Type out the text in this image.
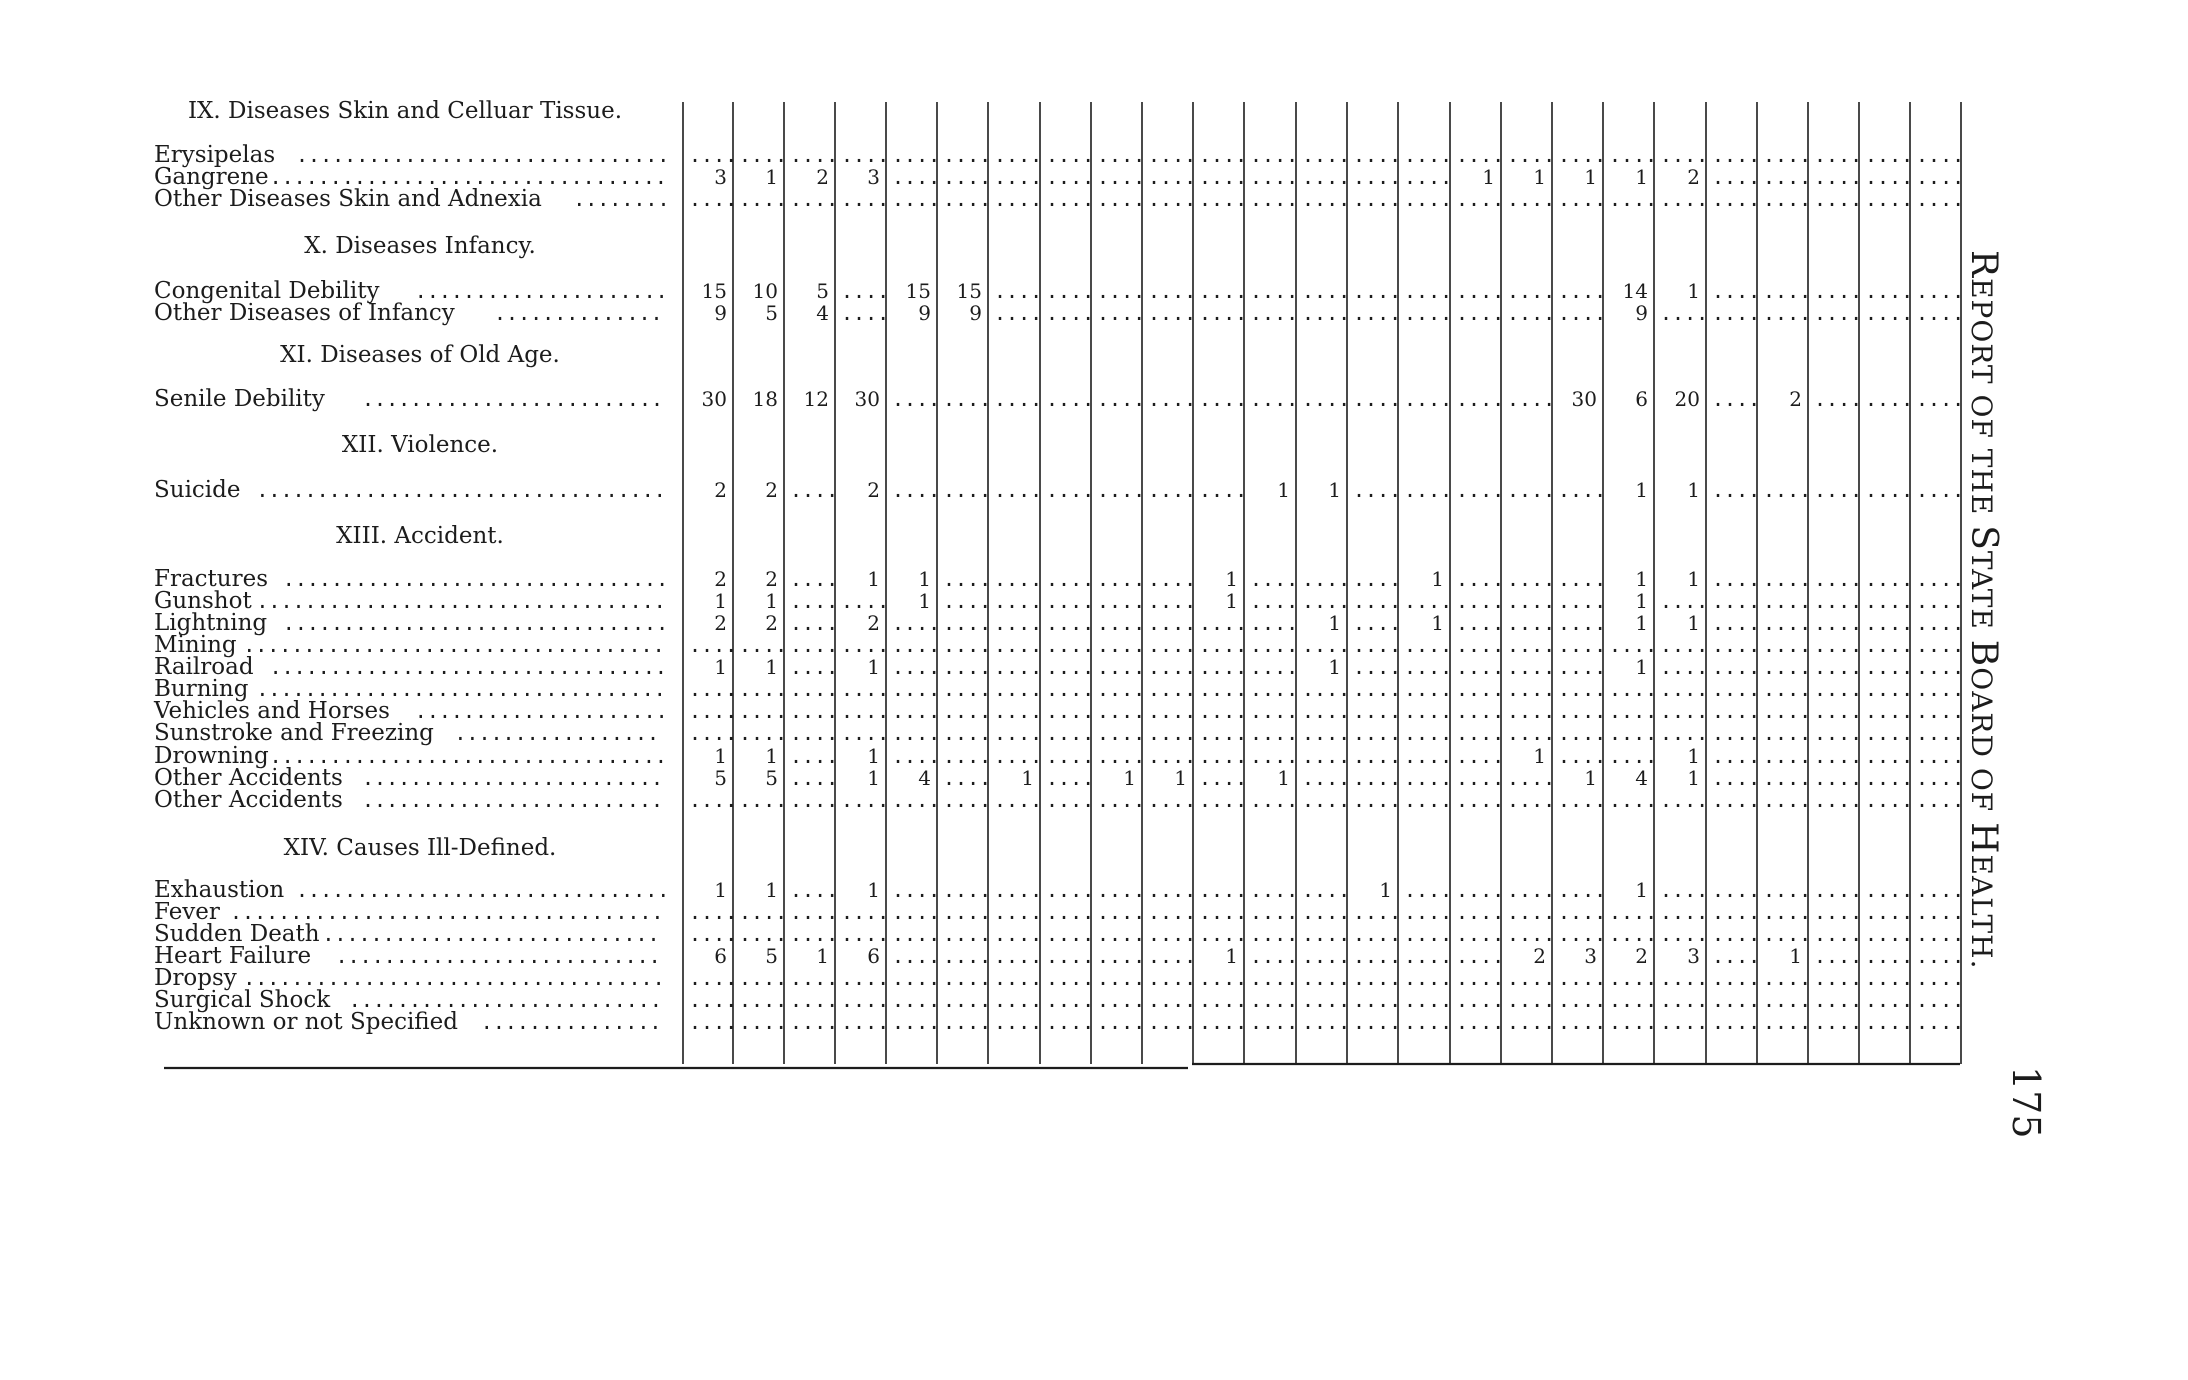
IX. Diseases Skin and Celluar Tissue.
Erysipelas ............................... .... .... .... .... .... .... .... .... .... .... .... .... .... .... .... .... .... .... .... .... .... .... .... .... ....
Gangrene ................................. 3 1 2 3 .... .... .... .... .... .... .... .... .... .... .... 1 1 1 1 2 .... .... .... .... ....
Other Diseases Skin and Adnexia ........ .... .... .... .... .... .... .... .... .... .... .... .... .... .... .... .... .... .... .... .... .... .... .... .... ....
X. Diseases Infancy.
Congenital Debility ..................... 15 10 5 .... 15 15 .... .... .... .... .... .... .... .... .... .... .... .... 14 1 .... .... .... .... ....
Other Diseases of Infancy ..............	9 5 4 .... 9 9 .... .... .... .... .... .... .... .... .... .... .... .... 9 .... .... .... .... .... ....
XI. Diseases of Old Age.
Senile Debility ......................... 30 18 12 30 .... .... .... .... .... .... .... .... .... .... .... .... .... 30 6 20 .... 2 .... .... ....
XII. Violence.
Suicide .................................. 2 2 .... 2 .... .... .... .... .... .... .... 1 1 .... .... .... .... .... 1 1 .... .... .... .... ....
XIII. Accident.
Fractures ................................ 2 2 .... 1 1 .... .... .... .... .... 1 .... .... .... 1 .... .... .... 1 1 .... .... .... .... ....
Gunshot .................................. 1 1 .... .... 1 .... .... .... .... .... 1 .... .... .... .... .... .... .... 1 .... .... .... .... .... ....
Lightning ................................ 2 2 .... 2 .... .... .... .... .... .... .... .... 1 .... 1 .... .... .... 1 1 .... .... .... .... ....
Mining ................................... .... .... .... .... .... .... .... .... .... .... .... .... .... .... .... .... .... .... .... .... .... .... .... .... ....
Railroad ................................. 1 1 .... 1 .... .... .... .... .... .... .... .... 1 .... .... .... .... .... 1 .... .... .... .... .... ....
Burning .................................. .... .... .... .... .... .... .... .... .... .... .... .... .... .... .... .... .... .... .... .... .... .... .... .... ....
Vehicles and Horses ..................... .... .... .... .... .... .... .... .... .... .... .... .... .... .... .... .... .... .... .... .... .... .... .... .... ....
Sunstroke and Freezing ................. .... .... .... .... .... .... .... .... .... .... .... .... .... .... .... .... .... .... .... .... .... .... .... .... ....
Drowning ................................. 1 1 .... 1 .... .... .... .... .... .... .... .... .... .... .... .... 1 .... .... 1 .... .... .... .... ....
Other Accidents .........................	5 5 .... 1 4 .... 1 .... 1 1 .... 1 .... .... .... .... .... 1 4 1 .... .... .... .... ....
Other Accidents ......................... .... .... .... .... .... .... .... .... .... .... .... .... .... .... .... .... .... .... .... .... .... .... .... .... ....
XIV. Causes Ill-Defined.
Exhaustion ............................... 1 1 .... 1 .... .... .... .... .... .... .... .... .... 1 .... .... .... .... 1 .... .... .... .... .... ....
Fever .................................... .... .... .... .... .... .... .... .... .... .... .... .... .... .... .... .... .... .... .... .... .... .... .... .... ....
Sudden Death ............................ .... .... .... .... .... .... .... .... .... .... .... .... .... .... .... .... .... .... .... .... .... .... .... .... ....
Heart Failure ...........................	6 5 1 6 .... .... .... .... .... .... 1 .... .... .... .... .... 2 3 2 3 .... 1 .... .... ....
Dropsy ................................... .... .... .... .... .... .... .... .... .... .... .... .... .... .... .... .... .... .... .... .... .... .... .... .... ....
Surgical Shock .......................... .... .... .... .... .... .... .... .... .... .... .... .... .... .... .... .... .... .... .... .... .... .... .... .... ....
Unknown or not Specified ............... .... .... .... .... .... .... .... .... .... .... .... .... .... .... .... .... .... .... .... .... .... .... .... .... ....
REPORT OF THE STATE BOARD OF HEALTH.
175
